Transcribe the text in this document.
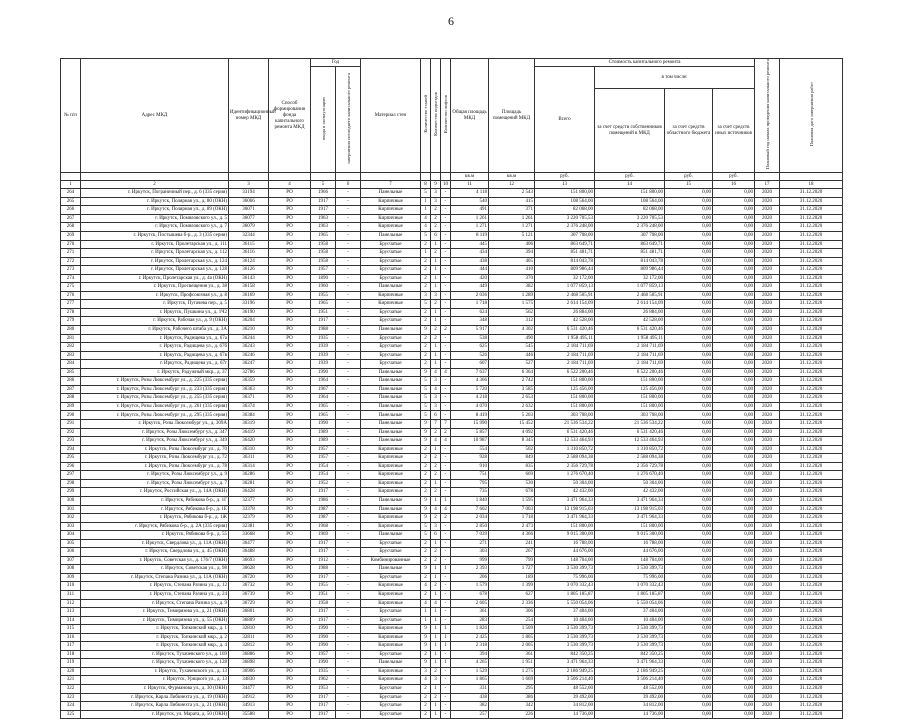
6
№ п/п	Адрес МКД	Идентификационный номер МКД	Способ формирования фонда капитального ремонта МКД	Год		Материал стен	Количество этажей	Количество подъездов	Количество лифтов	Общая площадь МКД	Площадь помещений МКД	Стоимость капитального ремонта				Плановый год начала проведения капитального ремонта	Плановая дата завершения работ
				ввода в эксплуатацию	завершения последнего капитального ремонта							Всего	в том числе:				
													за счет средств собственников помещений в МКД	за счет средств областного бюджета	за счет средств иных источников		
										кв.м	кв.м	руб.	руб.	руб.	руб.		
1	2	3	4	5	6	7	8	9	10	11	12	13	14	15	16	17	18
264	г. Иркутск, Пограничный пер., д. 6 (335 серия)	33194	РО	1966	-	Панельные	5	3	-	4 118	2 543	151 800,00	151 800,00	0,00	0,00	2020	31.12.2020
265	г. Иркутск, Полярная ул., д. 80 (ОКН)	36066	РО	1917	-	Кирпичные	1	3	-	540	415	108 564,00	108 564,00	0,00	0,00	2020	31.12.2020
266	г. Иркутск, Полярная ул., д. 89 (ОКН)	36071	РО	1917	-	Кирпичные	1	2	-	491	371	82 068,00	82 068,00	0,00	0,00	2020	31.12.2020
267	г. Иркутск, Помяловского ул., д. 5	36077	РО	1963	-	Кирпичные	4	2	-	1 261	1 261	3 220 705,53	3 220 705,53	0,00	0,00	2020	31.12.2020
268	г. Иркутск, Помяловского ул., д. 7	36079	РО	1963	-	Кирпичные	4	2	-	1 271	1 271	2 376 248,00	2 376 248,00	0,00	0,00	2020	31.12.2020
269	г. Иркутск, Постышева б-р., д. 3 (335 серия)	32344	РО	1965	-	Панельные	5	6	-	8 119	5 121	307 708,00	307 708,00	0,00	0,00	2020	31.12.2020
270	г. Иркутск, Пролетарская ул., д. 111	36115	РО	1958	-	Брусчатые	2	1	-	445	406	863 649,71	863 649,71	0,00	0,00	2020	31.12.2020
271	г. Иркутск, Пролетарская ул., д. 112	36116	РО	1958	-	Брусчатые	1	2	-	434	394	851 481,71	851 481,71	0,00	0,00	2020	31.12.2020
272	г. Иркутск, Пролетарская ул., д. 124	36124	РО	1958	-	Брусчатые	2	1	-	438	405	814 043,78	814 043,78	0,00	0,00	2020	31.12.2020
273	г. Иркутск, Пролетарская ул., д. 128	36126	РО	1957	-	Брусчатые	2	1	-	444	410	809 986,44	809 986,44	0,00	0,00	2020	31.12.2020
274	г. Иркутск, Пролетарская ул., д. 4а (ОКН)	36143	РО	1890	-	Брусчатые	2	1	-	420	370	32 172,00	32 172,00	0,00	0,00	2020	31.12.2020
275	г. Иркутск, Просвещения ул., д. 38	36158	РО	1960	-	Панельные	2	1	-	449	382	1 077 859,13	1 077 859,13	0,00	0,00	2020	31.12.2020
276	г. Иркутск, Профсоюзная ул., д. 8	36169	РО	1955	-	Кирпичные	3	3	-	2 036	1 289	2 468 505,91	2 468 505,91	0,00	0,00	2020	31.12.2020
277	г. Иркутск, Пугачева пер., д. 5	33196	РО	1965	-	Кирпичные	5	2	-	1 718	1 575	2 614 154,09	2 614 154,09	0,00	0,00	2020	31.12.2020
278	г. Иркутск, Пушкина ул., д. 1Ч2	36190	РО	1951	-	Брусчатые	2	1	-	624	562	26 884,00	26 884,00	0,00	0,00	2020	31.12.2020
279	г. Иркутск, Рабочая ул., д. 9 (ОКН)	36204	РО	1917	-	Брусчатые	2	1	-	348	312	42 528,00	42 528,00	0,00	0,00	2020	31.12.2020
280	г. Иркутск, Рабочего штаба ул., д. 3А	36210	РО	1988	-	Панельные	9	2	2	5 917	4 302	6 531 420,46	6 531 420,46	0,00	0,00	2020	31.12.2020
281	г. Иркутск, Радищева ул., д. 67а	36244	РО	1935	-	Брусчатые	2	2	-	538	490	1 958 495,11	1 958 495,11	0,00	0,00	2020	31.12.2020
282	г. Иркутск, Радищева ул., д. 67б	36243	РО	1939	-	Брусчатые	2	1	-	625	545	2 184 711,69	2 184 711,69	0,00	0,00	2020	31.12.2020
283	г. Иркутск, Радищева ул., д. 67в	36246	РО	1939	-	Брусчатые	2	1	-	526	446	2 184 711,69	2 184 711,69	0,00	0,00	2020	31.12.2020
284	г. Иркутск, Радищева ул., д. 67г	36247	РО	1939	-	Брусчатые	2	1	-	607	527	2 184 711,69	2 184 711,69	0,00	0,00	2020	31.12.2020
285	г. Иркутск, Радужный мкр., д. 37	32786	РО	1990	-	Панельные	9	4	4	7 637	6 364	6 522 200,46	6 522 200,46	0,00	0,00	2020	31.12.2020
286	г. Иркутск, Розы Люксембург ул., д. 225 (335 серия)	36359	РО	1964	-	Панельные	5	3	-	4 366	2 742	151 800,00	151 800,00	0,00	0,00	2020	31.12.2020
287	г. Иркутск, Розы Люксембург ул., д. 233 (335 серия)	36363	РО	1967	-	Панельные	5	4	-	5 720	3 585	125 456,00	125 456,00	0,00	0,00	2020	31.12.2020
288	г. Иркутск, Розы Люксембург ул., д. 255 (335 серия)	36371	РО	1964	-	Панельные	5	3	-	4 218	2 653	151 800,00	151 800,00	0,00	0,00	2020	31.12.2020
289	г. Иркутск, Розы Люксембург ул., д. 261 (335 серия)	36374	РО	1965	-	Панельные	5	3	-	4 070	2 632	151 800,00	151 800,00	0,00	0,00	2020	31.12.2020
290	г. Иркутск, Розы Люксембург ул., д. 295 (335 серия)	36384	РО	1965	-	Панельные	5	6	-	8 419	5 203	303 708,00	303 708,00	0,00	0,00	2020	31.12.2020
291	г. Иркутск, Розы Люксембург ул., д. 309А	36319	РО	1990	-	Панельные	9	7	7	15 990	15 452	21 536 534,22	21 536 534,22	0,00	0,00	2020	31.12.2020
292	г. Иркутск, Розы Люксембург ул., д. 347	36419	РО	1989	-	Панельные	9	2	2	5 857	4 092	6 531 420,46	6 531 420,46	0,00	0,00	2020	31.12.2020
293	г. Иркутск, Розы Люксембург ул., д. 349	36420	РО	1989	-	Панельные	9	4	4	10 987	8 345	12 533 464,93	12 533 464,93	0,00	0,00	2020	31.12.2020
294	г. Иркутск, Розы Люксембург ул., д. 70	36310	РО	1957	-	Кирпичные	2	1	-	554	502	1 310 850,72	1 310 850,72	0,00	0,00	2020	31.12.2020
295	г. Иркутск, Розы Люксембург ул., д. 72	36311	РО	1957	-	Кирпичные	2	2	-	928	849	2 588 094,38	2 588 094,38	0,00	0,00	2020	31.12.2020
296	г. Иркутск, Розы Люксембург ул., д. 78	36314	РО	1954	-	Кирпичные	2	2	-	910	835	2 356 729,78	2 356 729,78	0,00	0,00	2020	31.12.2020
297	г. Иркутск, Розы Люксембург ул., д. 9	36286	РО	1954	-	Кирпичные	2	2	-	751	669	1 276 670,40	1 276 670,40	0,00	0,00	2020	31.12.2020
298	г. Иркутск, Розы Люксембург ул., д. 7	36281	РО	1952	-	Кирпичные	2	1	-	795	530	50 304,00	50 304,00	0,00	0,00	2020	31.12.2020
299	г. Иркутск, Российская ул., д. 14А (ОКН)	36428	РО	1917	-	Кирпичные	2	2	-	735	678	42 432,00	42 432,00	0,00	0,00	2020	31.12.2020
300	г. Иркутск, Рябикова б-р., д. 1Г	32377	РО	1986	-	Панельные	9	1	1	1 840	1 595	3 471 964,33	3 471 964,33	0,00	0,00	2020	31.12.2020
301	г. Иркутск, Рябикова б-р., д. 1Е	33378	РО	1987	-	Панельные	9	4	4	7 602	7 003	13 198 915,03	13 198 915,03	0,00	0,00	2020	31.12.2020
302	г. Иркутск, Рябикова б-р., д. 1Ж	32379	РО	1987	-	Кирпичные	9	2	2	2 034	1 718	3 471 964,33	3 471 964,33	0,00	0,00	2020	31.12.2020
303	г. Иркутск, Рябикова б-р., д. 2А (335 серия)	32381	РО	1968	-	Кирпичные	5	3	-	2 850	2 473	151 800,00	151 800,00	0,00	0,00	2020	31.12.2020
304	г. Иркутск, Рябикова б-р., д. 55	33668	РО	1969	-	Панельные	5	6	-	7 039	4 366	9 015 300,00	9 015 300,00	0,00	0,00	2020	31.12.2020
305	г. Иркутск, Свердлова ул., д. 11А (ОКН)	36477	РО	1917	-	Брусчатые	2	1	-	271	241	16 788,00	16 788,00	0,00	0,00	2020	31.12.2020
306	г. Иркутск, Свердлова ул., д. 45 (ОКН)	36488	РО	1917	-	Брусчатые	2	2	-	303	267	44 676,00	44 676,00	0,00	0,00	2020	31.12.2020
307	г. Иркутск, Советская ул., д. 176/7 (ОКН)	36693	РО	1912	-	Комбинированные	2	2	-	999	799	148 704,00	148 704,00	0,00	0,00	2020	31.12.2020
308	г. Иркутск, Советская ул., д. 98	36628	РО	1988	-	Панельные	9	1	1	2 393	1 727	3 530 399,73	3 530 399,73	0,00	0,00	2020	31.12.2020
309	г. Иркутск, Степана Разина ул., д. 11А (ОКН)	36720	РО	1917	-	Брусчатые	2	1	-	206	189	75 996,00	75 996,00	0,00	0,00	2020	31.12.2020
310	г. Иркутск, Степана Разина ул., д. 12	36732	РО	1955	-	Кирпичные	4	2	-	1 579	1 399	3 070 332,43	3 070 332,43	0,00	0,00	2020	31.12.2020
311	г. Иркутск, Степана Разина ул., д. 24	36739	РО	1951	-	Кирпичные	2	1	-	678	627	1 805 185,87	1 805 185,87	0,00	0,00	2020	31.12.2020
312	г. Иркутск, Степана Разина ул., д. 9	36729	РО	1958	-	Кирпичные	4	4	-	2 605	2 336	5 550 054,06	5 550 054,06	0,00	0,00	2020	31.12.2020
313	г. Иркутск, Тимирязева ул., д. 21 (ОКН)	36801	РО	1917	-	Брусчатые	1	1	-	361	306	37 404,00	37 404,00	0,00	0,00	2020	31.12.2020
314	г. Иркутск, Тимирязева ул., д. 55 (ОКН)	36809	РО	1917	-	Брусчатые	1	1	-	283	254	10 404,00	10 404,00	0,00	0,00	2020	31.12.2020
315	г. Иркутск, Топкинский мкр., д. 1	32810	РО	1990	-	Кирпичные	9	1	1	1 826	1 509	3 530 399,73	3 530 399,73	0,00	0,00	2020	31.12.2020
316	г. Иркутск, Топкинский мкр., д. 2	32811	РО	1990	-	Кирпичные	9	1	1	2 425	1 805	3 530 399,73	3 530 399,73	0,00	0,00	2020	31.12.2020
317	г. Иркутск, Топкинский мкр., д. 4	32812	РО	1990	-	Кирпичные	9	1	1	2 318	2 005	3 530 399,73	3 530 399,73	0,00	0,00	2020	31.12.2020
318	г. Иркутск, Тухачевского ул., д. 169	36886	РО	1957	-	Брусчатые	2	1	-	394	361	842 350,25	842 350,25	0,00	0,00	2020	31.12.2020
319	г. Иркутск, Тухачевского ул., д. 128	36898	РО	1990	-	Панельные	9	1	1	4 265	1 951	3 471 964,33	3 471 964,33	0,00	0,00	2020	31.12.2020
320	г. Иркутск, Тухачевского ул., д. 13	36906	РО	1935	-	Кирпичные	3	2	-	1 529	1 275	2 186 949,25	2 186 949,25	0,00	0,00	2020	31.12.2020
321	г. Иркутск, Урицкого ул., д. 13	34830	РО	1962	-	Кирпичные	4	3	-	1 865	1 669	3 506 214,40	3 506 214,40	0,00	0,00	2020	31.12.2020
322	г. Иркутск, Фурманова ул., д. 30 (ОКН)	34477	РО	1953	-	Брусчатые	2	1	-	331	295	48 552,00	48 552,00	0,00	0,00	2020	31.12.2020
323	г. Иркутск, Карла Либкнехта ул., д. 19 (ОКН)	34912	РО	1917	-	Брусчатые	2	2	-	438	386	39 492,00	39 492,00	0,00	0,00	2020	31.12.2020
324	г. Иркутск, Карла Либкнехта ул., д. 21 (ОКН)	34913	РО	1917	-	Брусчатые	2	1	-	382	342	34 812,00	34 812,00	0,00	0,00	2020	31.12.2020
325	г. Иркутск, ул. Марата, д. 50 (ОКН)	35588	РО	1917	-	Брусчатые	2	1	-	257	226	14 736,00	14 736,00	0,00	0,00	2020	31.12.2020
